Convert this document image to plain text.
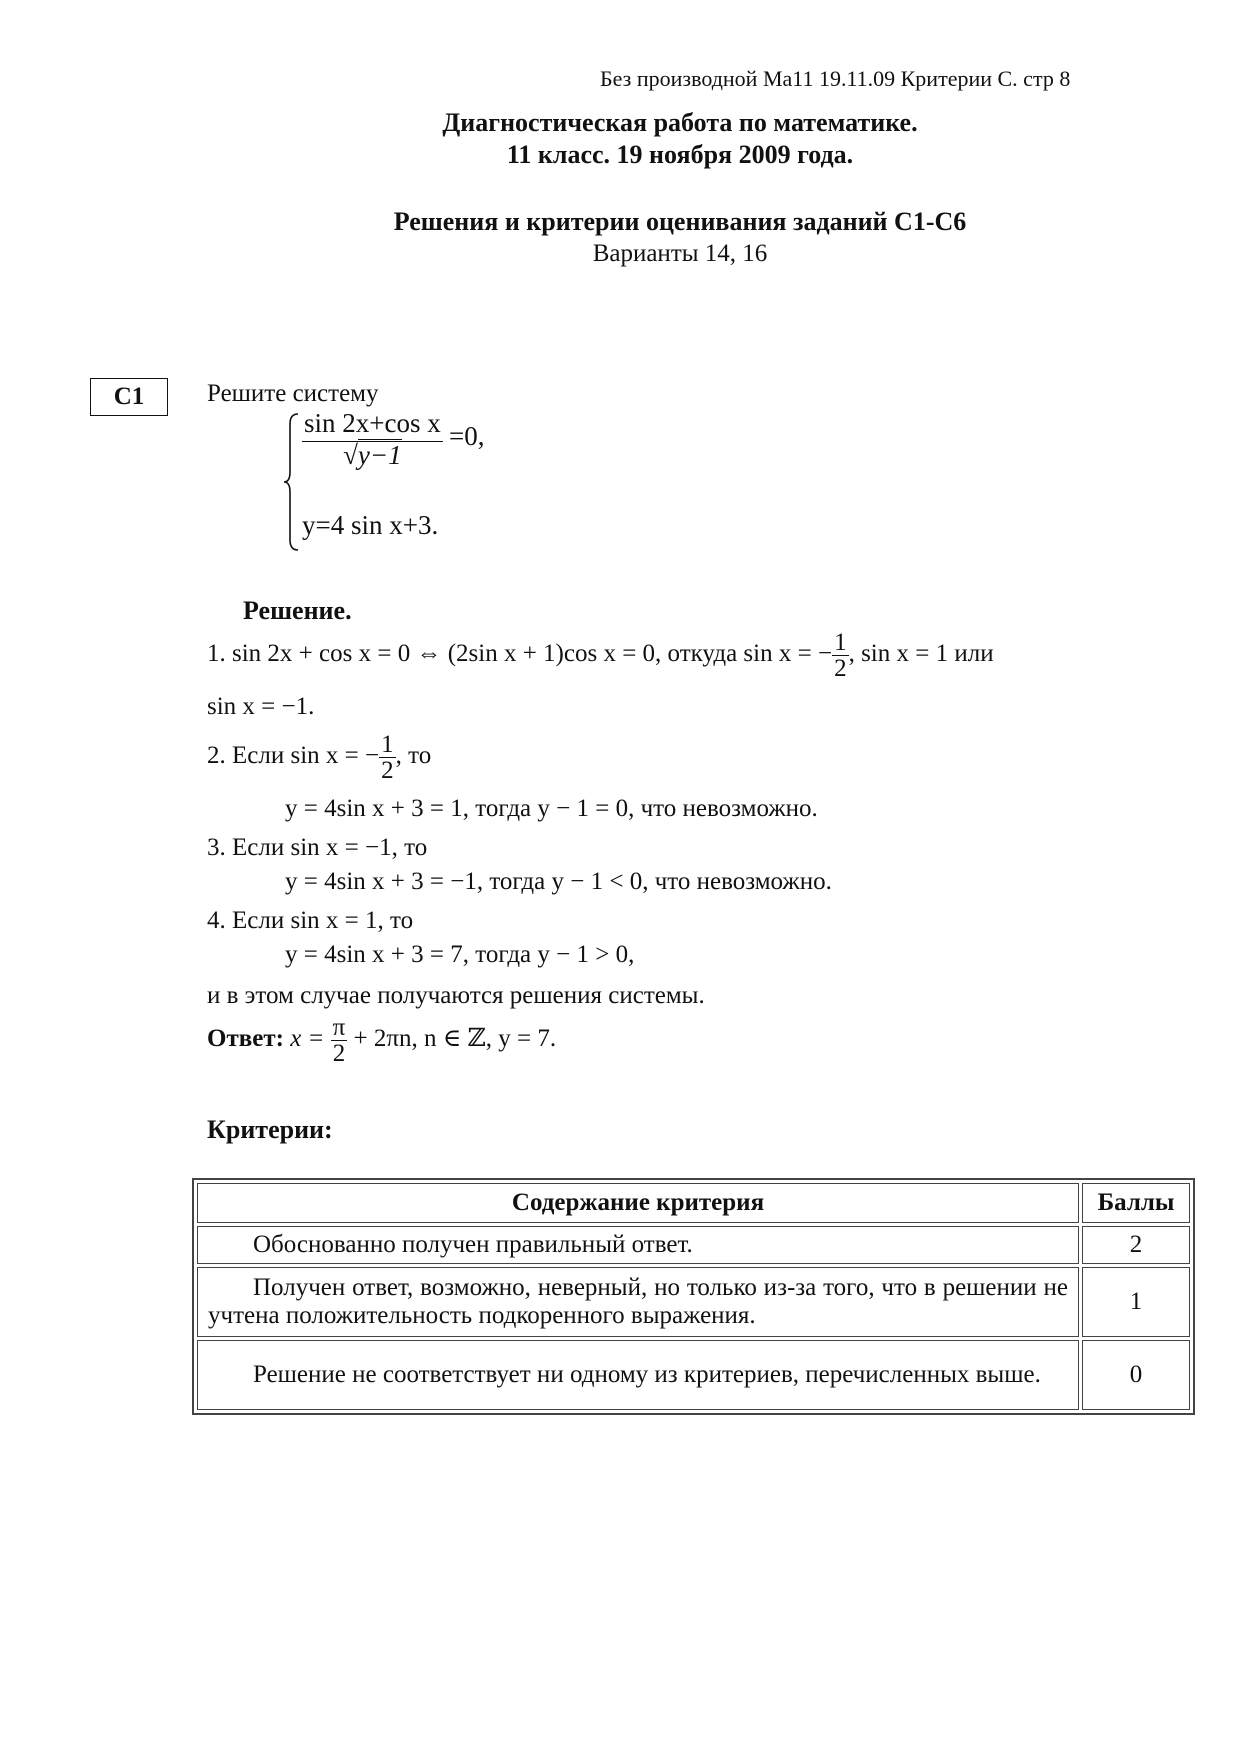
Без производной Ма11 19.11.09 Критерии С. стр 8
Диагностическая работа по математике.
11 класс. 19 ноября 2009 года.
Решения и критерии оценивания заданий С1-С6
Варианты 14, 16
С1	Решите систему
$\frac{\text{sin 2x+cos x}}{√y-1} =0$,
y=4 sin x+3.
Решение.
1. sin 2x + cos x = 0 ⇔ (2sin x + 1)cos x = 0, откуда sin x = − $\frac{1}{2}$ , sin x = 1 или
sin x = −1.
2. Если sin x = − $\frac{1}{2}$ , то
y = 4sin x + 3 = 1, тогда y − 1 = 0, что невозможно.
3. Если sin x = −1, то
y = 4sin x + 3 = −1, тогда y − 1 < 0, что невозможно.
4. Если sin x = 1, то
y = 4sin x + 3 = 7, тогда y − 1 > 0,
и в этом случае получаются решения системы.
Ответ: $x = \frac{\pi}{2} + 2\pi n$, n ∈ ℤ, y = 7.
Критерии:
Содержание критерия	Баллы
Обоснованно получен правильный ответ.	2
Получен ответ, возможно, неверный, но только из-за того, что в решении не учтена положительность подкоренного выражения.	1
Решение не соответствует ни одному из критериев, перечисленных выше.	0
